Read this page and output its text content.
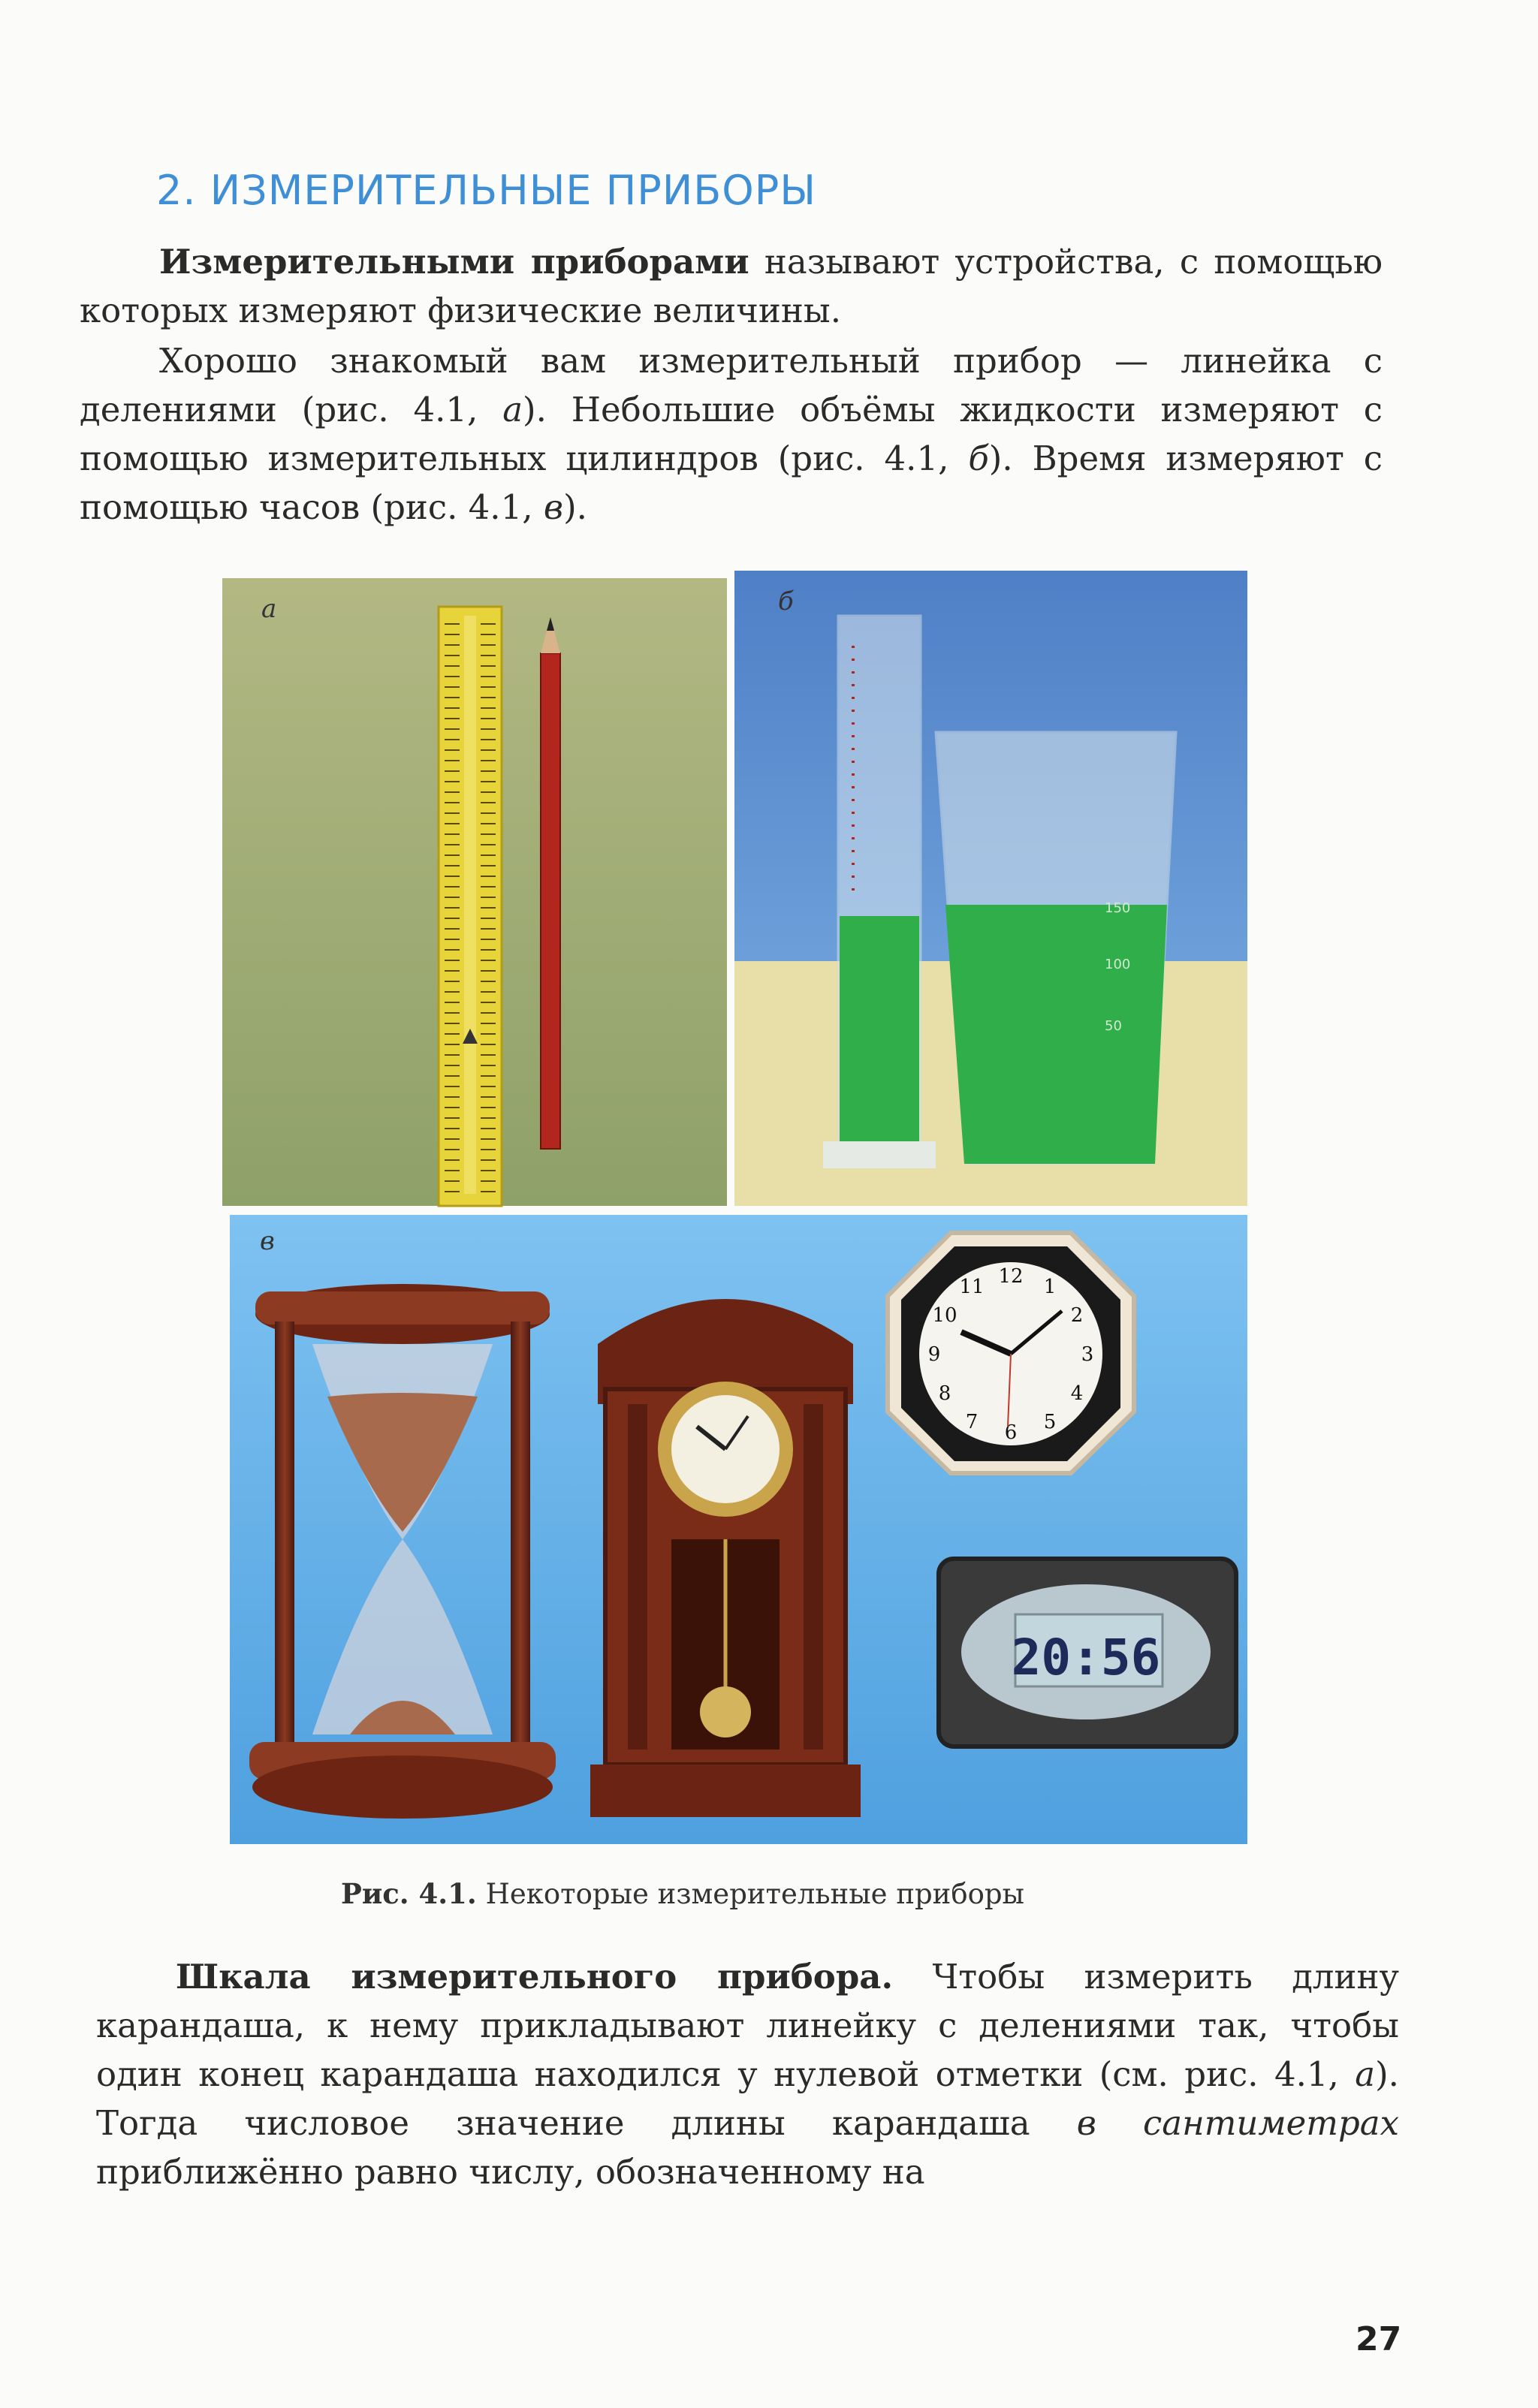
2. ИЗМЕРИТЕЛЬНЫЕ ПРИБОРЫ

Измерительными приборами называют устройства, с помощью которых измеряют физические величины.

Хорошо знакомый вам измерительный прибор — линейка с делениями (рис. 4.1, а). Небольшие объёмы жидкости измеряют с помощью измерительных цилиндров (рис. 4.1, б). Время измеряют с помощью часов (рис. 4.1, в).

а	б
150
100
50
в
12 1
2
3
4
5
6
7
8
9
10
11
20:56
Рис. 4.1. Некоторые измерительные приборы

Шкала измерительного прибора. Чтобы измерить длину карандаша, к нему прикладывают линейку с делениями так, чтобы один конец карандаша находился у нулевой отметки (см. рис. 4.1, а). Тогда числовое значение длины карандаша в сантиметрах приближённо равно числу, обозначенному на

27
